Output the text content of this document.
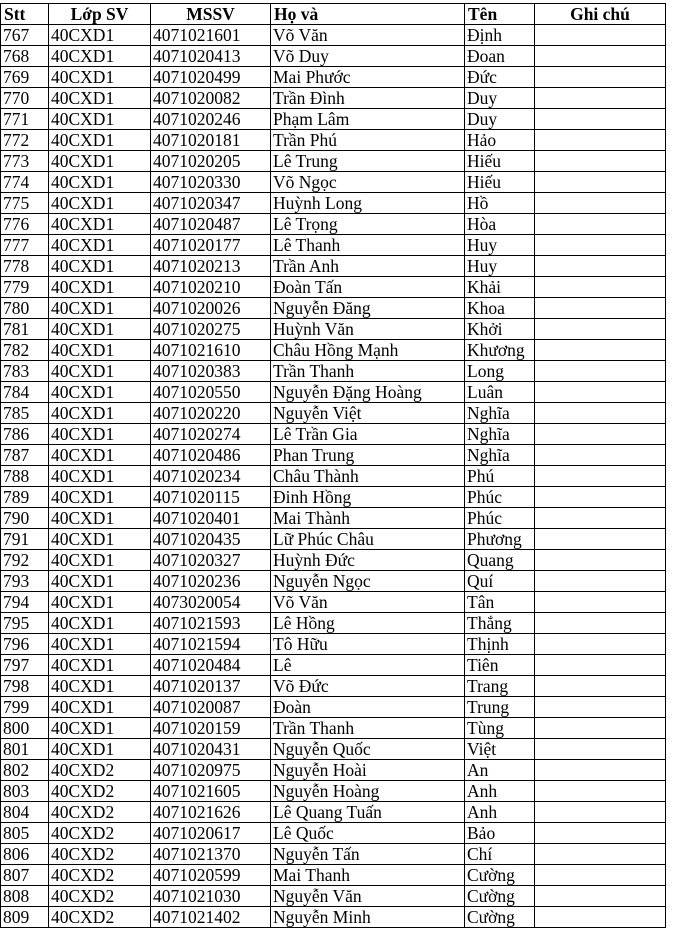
Stt	Lớp SV	MSSV	Họ và	Tên	Ghi chú
767	40CXD1	4071021601	Võ Văn	Định	
768	40CXD1	4071020413	Võ Duy	Đoan	
769	40CXD1	4071020499	Mai Phước	Đức	
770	40CXD1	4071020082	Trần Đình	Duy	
771	40CXD1	4071020246	Phạm Lâm	Duy	
772	40CXD1	4071020181	Trần Phú	Hảo	
773	40CXD1	4071020205	Lê Trung	Hiếu	
774	40CXD1	4071020330	Võ Ngọc	Hiếu	
775	40CXD1	4071020347	Huỳnh Long	Hồ	
776	40CXD1	4071020487	Lê Trọng	Hòa	
777	40CXD1	4071020177	Lê Thanh	Huy	
778	40CXD1	4071020213	Trần Anh	Huy	
779	40CXD1	4071020210	Đoàn Tấn	Khải	
780	40CXD1	4071020026	Nguyễn Đăng	Khoa	
781	40CXD1	4071020275	Huỳnh Văn	Khởi	
782	40CXD1	4071021610	Châu Hồng Mạnh	Khương	
783	40CXD1	4071020383	Trần Thanh	Long	
784	40CXD1	4071020550	Nguyễn Đặng Hoàng	Luân	
785	40CXD1	4071020220	Nguyễn Việt	Nghĩa	
786	40CXD1	4071020274	Lê Trần Gia	Nghĩa	
787	40CXD1	4071020486	Phan Trung	Nghĩa	
788	40CXD1	4071020234	Châu Thành	Phú	
789	40CXD1	4071020115	Đinh Hồng	Phúc	
790	40CXD1	4071020401	Mai Thành	Phúc	
791	40CXD1	4071020435	Lữ Phúc Châu	Phương	
792	40CXD1	4071020327	Huỳnh Đức	Quang	
793	40CXD1	4071020236	Nguyễn Ngọc	Quí	
794	40CXD1	4073020054	Võ Văn	Tân	
795	40CXD1	4071021593	Lê Hồng	Thắng	
796	40CXD1	4071021594	Tô Hữu	Thịnh	
797	40CXD1	4071020484	Lê	Tiên	
798	40CXD1	4071020137	Võ Đức	Trang	
799	40CXD1	4071020087	Đoàn	Trung	
800	40CXD1	4071020159	Trần Thanh	Tùng	
801	40CXD1	4071020431	Nguyễn Quốc	Việt	
802	40CXD2	4071020975	Nguyễn Hoài	An	
803	40CXD2	4071021605	Nguyễn Hoàng	Anh	
804	40CXD2	4071021626	Lê Quang Tuấn	Anh	
805	40CXD2	4071020617	Lê Quốc	Bảo	
806	40CXD2	4071021370	Nguyễn Tấn	Chí	
807	40CXD2	4071020599	Mai Thanh	Cường	
808	40CXD2	4071021030	Nguyễn Văn	Cường	
809	40CXD2	4071021402	Nguyễn Minh	Cường	
